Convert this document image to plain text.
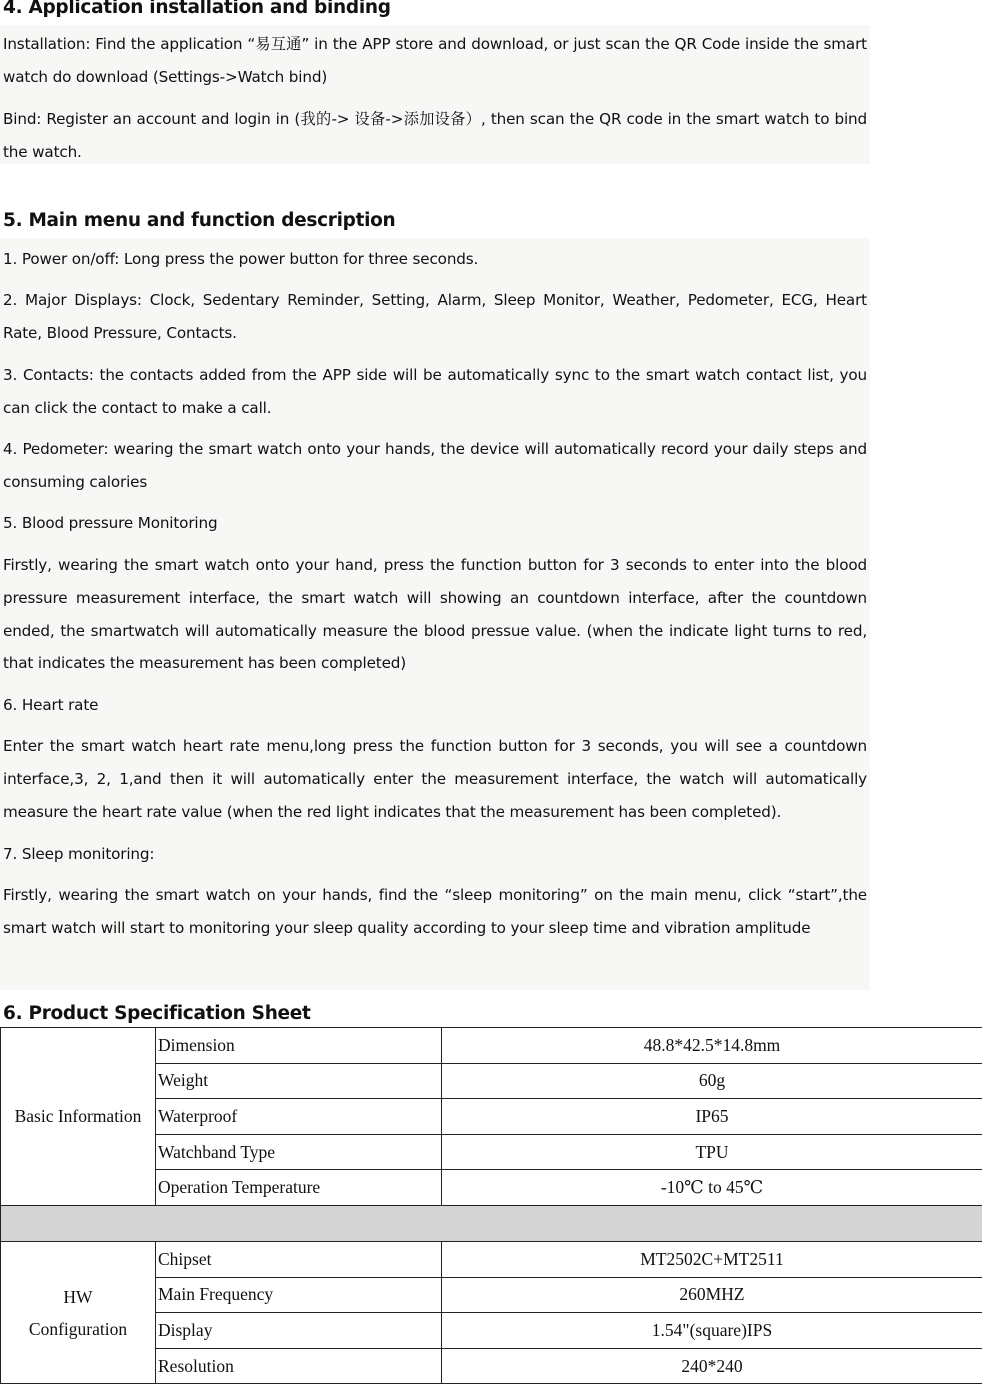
4. Application installation and binding

Installation: Find the application “易互通” in the APP store and download, or just scan the QR Code inside the smart watch do download (Settings->Watch bind)

Bind: Register an account and login in (我的-> 设备->添加设备）, then scan the QR code in the smart watch to bind the watch.

5. Main menu and function description

1. Power on/off: Long press the power button for three seconds.

2. Major Displays: Clock, Sedentary Reminder, Setting, Alarm, Sleep Monitor, Weather, Pedometer, ECG, Heart Rate, Blood Pressure, Contacts.

3. Contacts: the contacts added from the APP side will be automatically sync to the smart watch contact list, you can click the contact to make a call.

4. Pedometer: wearing the smart watch onto your hands, the device will automatically record your daily steps and consuming calories

5. Blood pressure Monitoring

Firstly, wearing the smart watch onto your hand, press the function button for 3 seconds to enter into the blood pressure measurement interface, the smart watch will showing an countdown interface, after the countdown ended, the smartwatch will automatically measure the blood pressue value. (when the indicate light turns to red, that indicates the measurement has been completed)

6. Heart rate

Enter the smart watch heart rate menu,long press the function button for 3 seconds, you will see a countdown interface,3, 2, 1,and then it will automatically enter the measurement interface, the watch will automatically measure the heart rate value (when the red light indicates that the measurement has been completed).

7. Sleep monitoring:

Firstly, wearing the smart watch on your hands, find the “sleep monitoring” on the main menu, click “start”,the smart watch will start to monitoring your sleep quality according to your sleep time and vibration amplitude

6. Product Specification Sheet
Basic Information	Dimension	48.8*42.5*14.8mm
	Weight	60g
	Waterproof	IP65
	Watchband Type	TPU
	Operation Temperature	-10℃ to 45℃

HW Configuration	Chipset	MT2502C+MT2511
	Main Frequency	260MHZ
	Display	1.54"(square)IPS
	Resolution	240*240
